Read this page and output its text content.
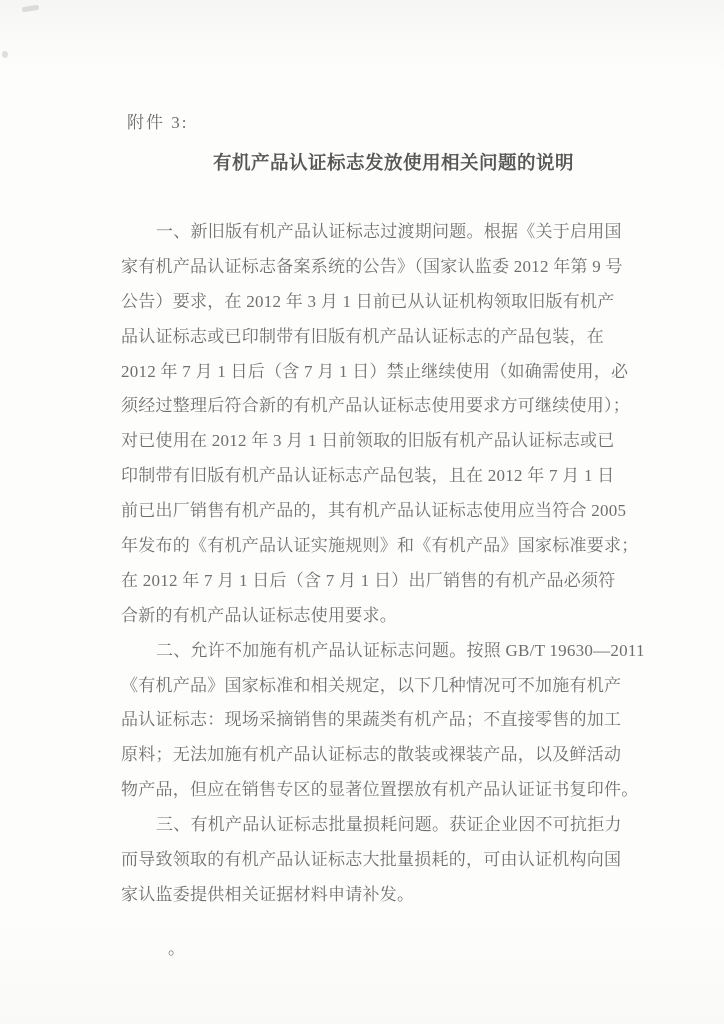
附件 3:
有机产品认证标志发放使用相关问题的说明
一、新旧版有机产品认证标志过渡期问题。根据《关于启用国
家有机产品认证标志备案系统的公告》（国家认监委 2012 年第 9 号
公告）要求，在 2012 年 3 月 1 日前已从认证机构领取旧版有机产
品认证标志或已印制带有旧版有机产品认证标志的产品包装，在
2012 年 7 月 1 日后（含 7 月 1 日）禁止继续使用（如确需使用，必
须经过整理后符合新的有机产品认证标志使用要求方可继续使用）；
对已使用在 2012 年 3 月 1 日前领取的旧版有机产品认证标志或已
印制带有旧版有机产品认证标志产品包装，且在 2012 年 7 月 1 日
前已出厂销售有机产品的，其有机产品认证标志使用应当符合 2005
年发布的《有机产品认证实施规则》和《有机产品》国家标准要求；
在 2012 年 7 月 1 日后（含 7 月 1 日）出厂销售的有机产品必须符
合新的有机产品认证标志使用要求。
二、允许不加施有机产品认证标志问题。按照 GB/T 19630—2011
《有机产品》国家标准和相关规定，以下几种情况可不加施有机产
品认证标志：现场采摘销售的果蔬类有机产品；不直接零售的加工
原料；无法加施有机产品认证标志的散装或裸装产品，以及鲜活动
物产品，但应在销售专区的显著位置摆放有机产品认证证书复印件。
三、有机产品认证标志批量损耗问题。获证企业因不可抗拒力
而导致领取的有机产品认证标志大批量损耗的，可由认证机构向国
家认监委提供相关证据材料申请补发。
。
